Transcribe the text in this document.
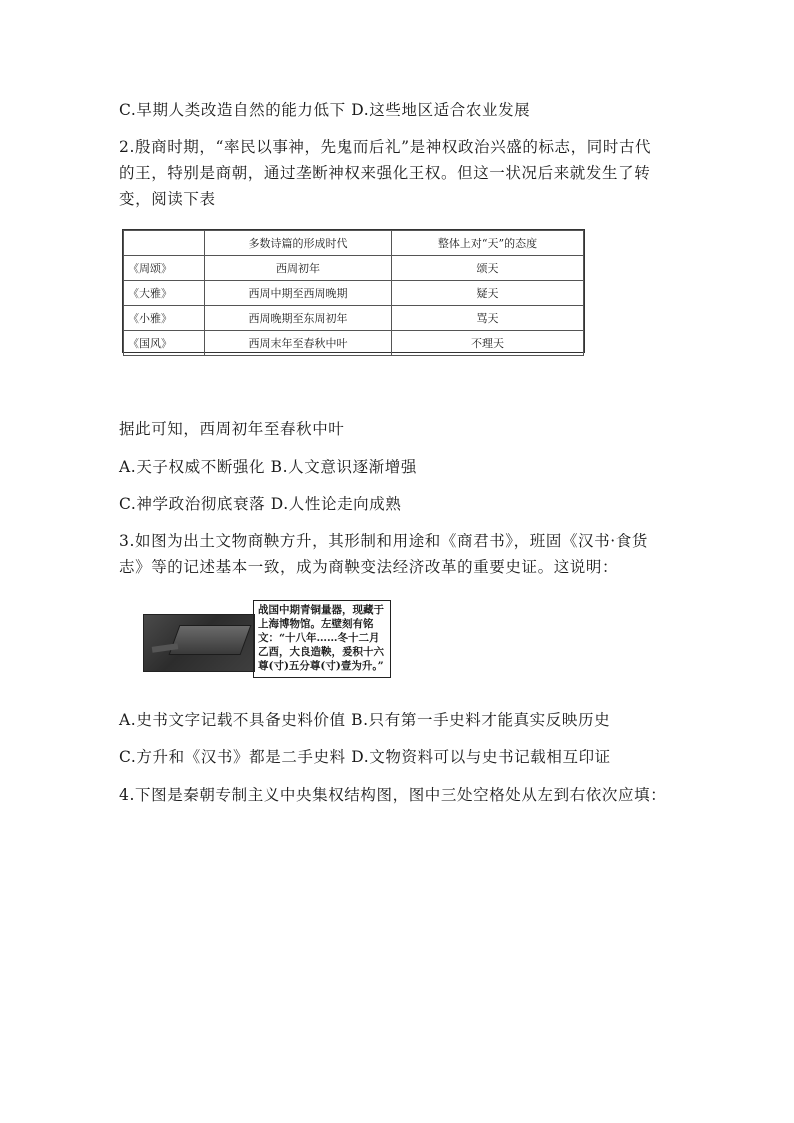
C.早期人类改造自然的能力低下 D.这些地区适合农业发展
2.殷商时期，“率民以事神，先鬼而后礼”是神权政治兴盛的标志，同时古代
的王，特别是商朝，通过垄断神权来强化王权。但这一状况后来就发生了转
变，阅读下表
	多数诗篇的形成时代	整体上对“天”的态度
《周颂》	西周初年	颂天
《大雅》	西周中期至西周晚期	疑天
《小雅》	西周晚期至东周初年	骂天
《国风》	西周末年至春秋中叶	不理天
据此可知，西周初年至春秋中叶
A.天子权威不断强化 B.人文意识逐渐增强
C.神学政治彻底衰落 D.人性论走向成熟
3.如图为出土文物商鞅方升，其形制和用途和《商君书》，班固《汉书·食货
志》等的记述基本一致，成为商鞅变法经济改革的重要史证。这说明：
战国中期青铜量器，现藏于上海博物馆。左壁刻有铭文：“十八年……冬十二月乙酉，大良造鞅，爰积十六尊(寸)五分尊(寸)壹为升。”
A.史书文字记载不具备史料价值 B.只有第一手史料才能真实反映历史
C.方升和《汉书》都是二手史料 D.文物资料可以与史书记载相互印证
4.下图是秦朝专制主义中央集权结构图，图中三处空格处从左到右依次应填：
